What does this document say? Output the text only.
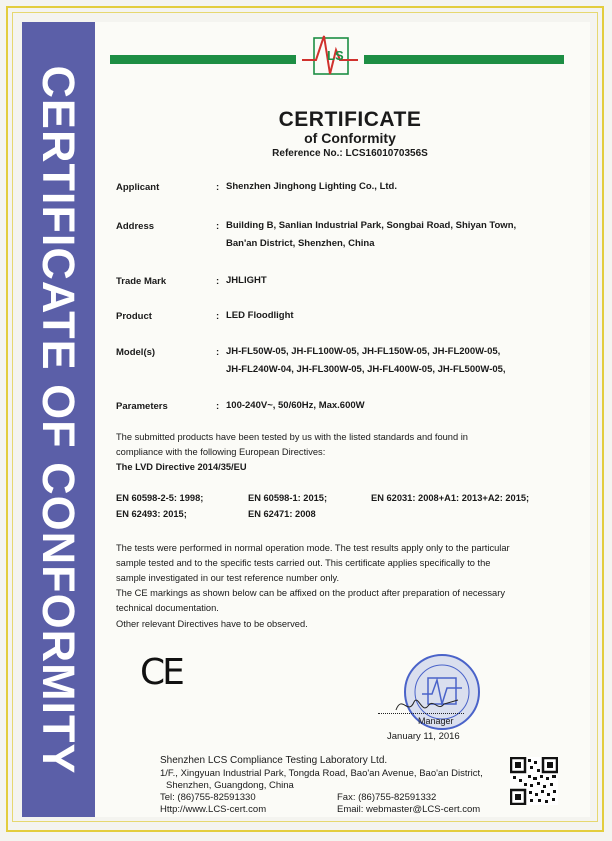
CERTIFICATE OF CONFORMITY
LS
CERTIFICATE
of Conformity
Reference No.: LCS1601070356S
Applicant	: Shenzhen Jinghong Lighting Co., Ltd.
Address	: Building B, Sanlian Industrial Park, Songbai Road, Shiyan Town,
Ban'an District, Shenzhen, China
Trade Mark	: JHLIGHT
Product	: LED Floodlight
Model(s)	: JH-FL50W-05, JH-FL100W-05, JH-FL150W-05, JH-FL200W-05,
JH-FL240W-04, JH-FL300W-05, JH-FL400W-05, JH-FL500W-05,
Parameters	: 100-240V~, 50/60Hz, Max.600W
The submitted products have been tested by us with the listed standards and found in
compliance with the following European Directives:
The LVD Directive 2014/35/EU
EN 60598-2-5: 1998;	EN 60598-1: 2015;	EN 62031: 2008+A1: 2013+A2: 2015;
EN 62493: 2015;	EN 62471: 2008
The tests were performed in normal operation mode. The test results apply only to the particular
sample tested and to the specific tests carried out. This certificate applies specifically to the
sample investigated in our test reference number only.
The CE markings as shown below can be affixed on the product after preparation of necessary
technical documentation.
Other relevant Directives have to be observed.
CE
Manager
January 11, 2016
Shenzhen LCS Compliance Testing Laboratory Ltd.
1/F., Xingyuan Industrial Park, Tongda Road, Bao'an Avenue, Bao'an District,
Shenzhen, Guangdong, China
Tel: (86)755-82591330	Fax: (86)755-82591332
Http://www.LCS-cert.com	Email: webmaster@LCS-cert.com
